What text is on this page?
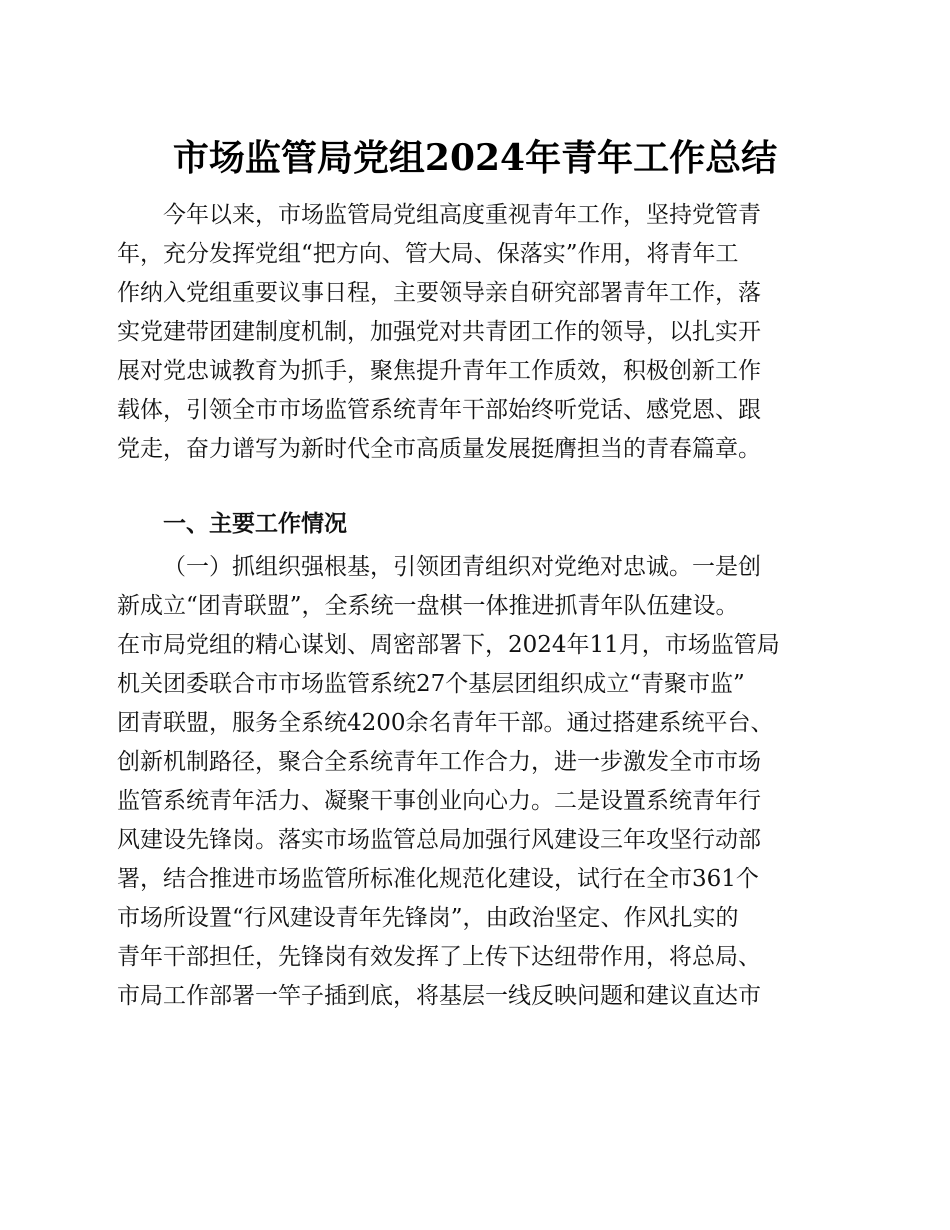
市场监管局党组2024年青年工作总结

今年以来，市场监管局党组高度重视青年工作，坚持党管青
年，充分发挥党组“把方向、管大局、保落实”作用，将青年工
作纳入党组重要议事日程，主要领导亲自研究部署青年工作，落
实党建带团建制度机制，加强党对共青团工作的领导，以扎实开
展对党忠诚教育为抓手，聚焦提升青年工作质效，积极创新工作
载体，引领全市市场监管系统青年干部始终听党话、感党恩、跟
党走，奋力谱写为新时代全市高质量发展挺膺担当的青春篇章。

一、主要工作情况

（一）抓组织强根基，引领团青组织对党绝对忠诚。一是创
新成立“团青联盟”，全系统一盘棋一体推进抓青年队伍建设。
在市局党组的精心谋划、周密部署下，2024年11月，市场监管局
机关团委联合市市场监管系统27个基层团组织成立“青聚市监”
团青联盟，服务全系统4200余名青年干部。通过搭建系统平台、
创新机制路径，聚合全系统青年工作合力，进一步激发全市市场
监管系统青年活力、凝聚干事创业向心力。二是设置系统青年行
风建设先锋岗。落实市场监管总局加强行风建设三年攻坚行动部
署，结合推进市场监管所标准化规范化建设，试行在全市361个
市场所设置“行风建设青年先锋岗”，由政治坚定、作风扎实的
青年干部担任，先锋岗有效发挥了上传下达纽带作用，将总局、
市局工作部署一竿子插到底，将基层一线反映问题和建议直达市
